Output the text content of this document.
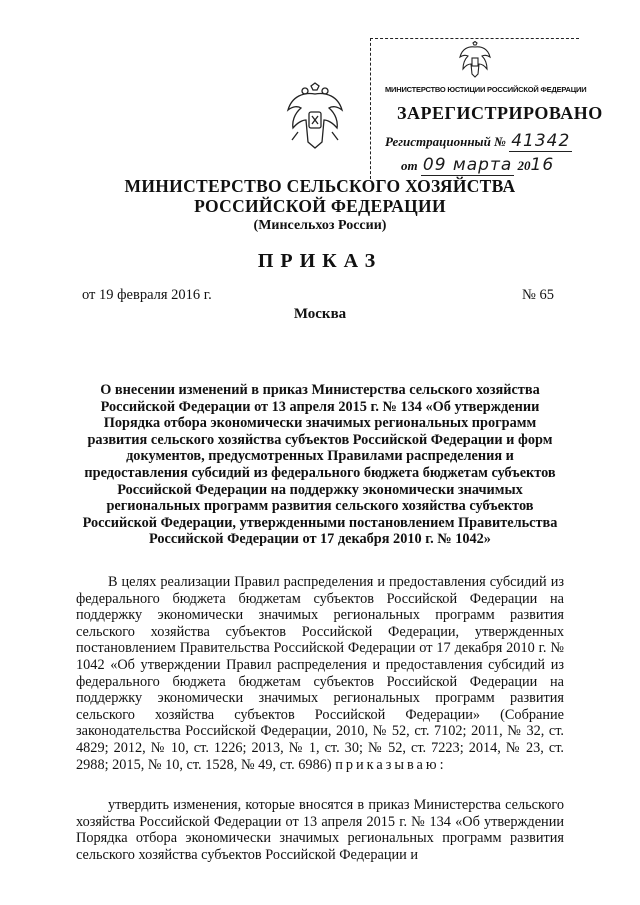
МИНИСТЕРСТВО ЮСТИЦИИ РОССИЙСКОЙ ФЕДЕРАЦИИ
ЗАРЕГИСТРИРОВАНО
Регистрационный № 41342
от 09 марта 2016
МИНИСТЕРСТВО СЕЛЬСКОГО ХОЗЯЙСТВА
РОССИЙСКОЙ ФЕДЕРАЦИИ
(Минсельхоз России)
ПРИКАЗ
от 19 февраля 2016 г.	№ 65
Москва
О внесении изменений в приказ Министерства сельского хозяйства Российской Федерации от 13 апреля 2015 г. № 134 «Об утверждении Порядка отбора экономически значимых региональных программ развития сельского хозяйства субъектов Российской Федерации и форм документов, предусмотренных Правилами распределения и предоставления субсидий из федерального бюджета бюджетам субъектов Российской Федерации на поддержку экономически значимых региональных программ развития сельского хозяйства субъектов Российской Федерации, утвержденными постановлением Правительства Российской Федерации от 17 декабря 2010 г. № 1042»
В целях реализации Правил распределения и предоставления субсидий из федерального бюджета бюджетам субъектов Российской Федерации на поддержку экономически значимых региональных программ развития сельского хозяйства субъектов Российской Федерации, утвержденных постановлением Правительства Российской Федерации от 17 декабря 2010 г. № 1042 «Об утверждении Правил распределения и предоставления субсидий из федерального бюджета бюджетам субъектов Российской Федерации на поддержку экономически значимых региональных программ развития сельского хозяйства субъектов Российской Федерации» (Собрание законодательства Российской Федерации, 2010, № 52, ст. 7102; 2011, № 32, ст. 4829; 2012, № 10, ст. 1226; 2013, № 1, ст. 30; № 52, ст. 7223; 2014, № 23, ст. 2988; 2015, № 10, ст. 1528, № 49, ст. 6986) приказываю:
утвердить изменения, которые вносятся в приказ Министерства сельского хозяйства Российской Федерации от 13 апреля 2015 г. № 134 «Об утверждении Порядка отбора экономически значимых региональных программ развития сельского хозяйства субъектов Российской Федерации и
